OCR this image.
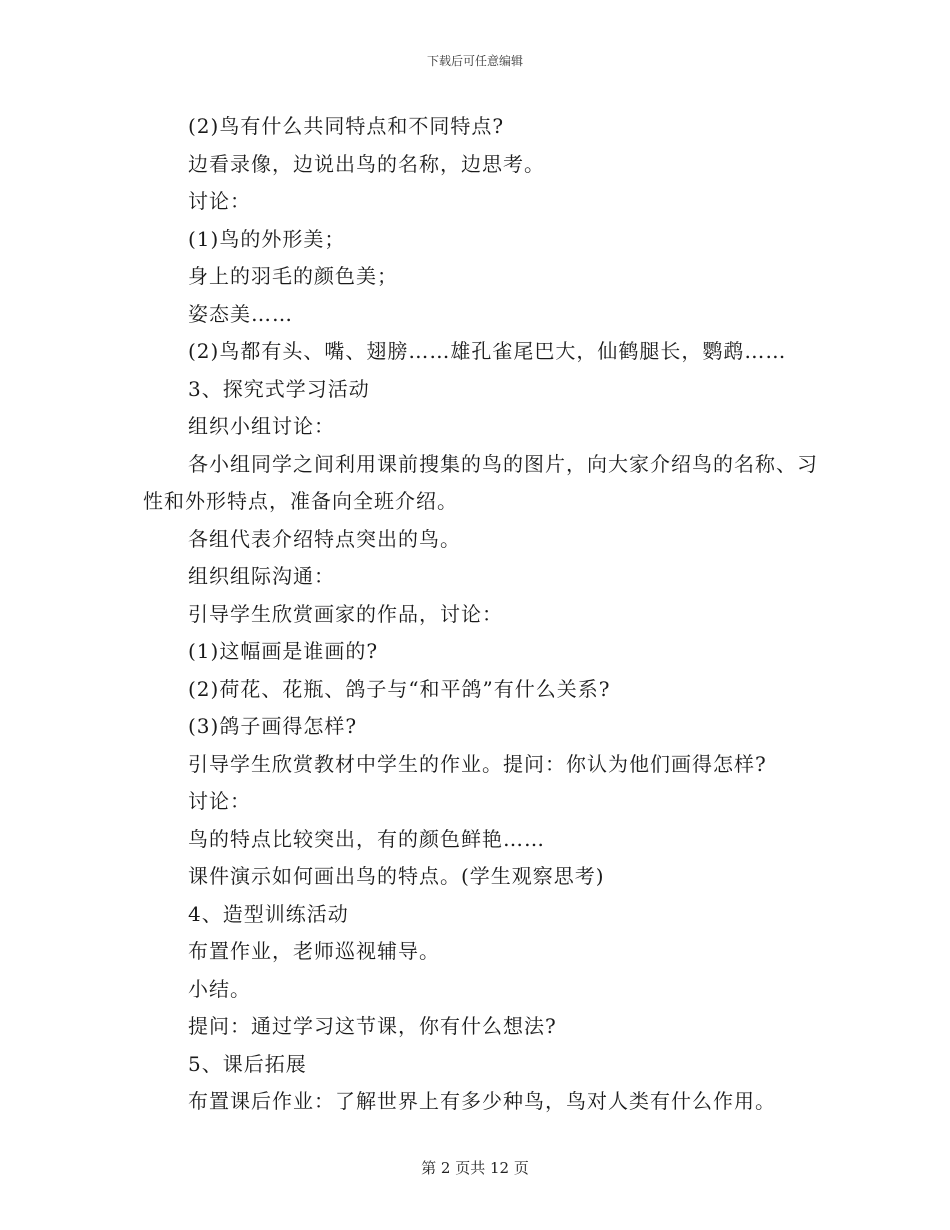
下载后可任意编辑
(2)鸟有什么共同特点和不同特点?
边看录像，边说出鸟的名称，边思考。
讨论：
(1)鸟的外形美；
身上的羽毛的颜色美；
姿态美……
(2)鸟都有头、嘴、翅膀……雄孔雀尾巴大，仙鹤腿长，鹦鹉……
3、探究式学习活动
组织小组讨论：
各小组同学之间利用课前搜集的鸟的图片，向大家介绍鸟的名称、习性和外形特点，准备向全班介绍。
各组代表介绍特点突出的鸟。
组织组际沟通：
引导学生欣赏画家的作品，讨论：
(1)这幅画是谁画的?
(2)荷花、花瓶、鸽子与“和平鸽”有什么关系?
(3)鸽子画得怎样?
引导学生欣赏教材中学生的作业。提问：你认为他们画得怎样?
讨论：
鸟的特点比较突出，有的颜色鲜艳……
课件演示如何画出鸟的特点。(学生观察思考)
4、造型训练活动
布置作业，老师巡视辅导。
小结。
提问：通过学习这节课，你有什么想法?
5、课后拓展
布置课后作业：了解世界上有多少种鸟，鸟对人类有什么作用。
第 2 页共 12 页
